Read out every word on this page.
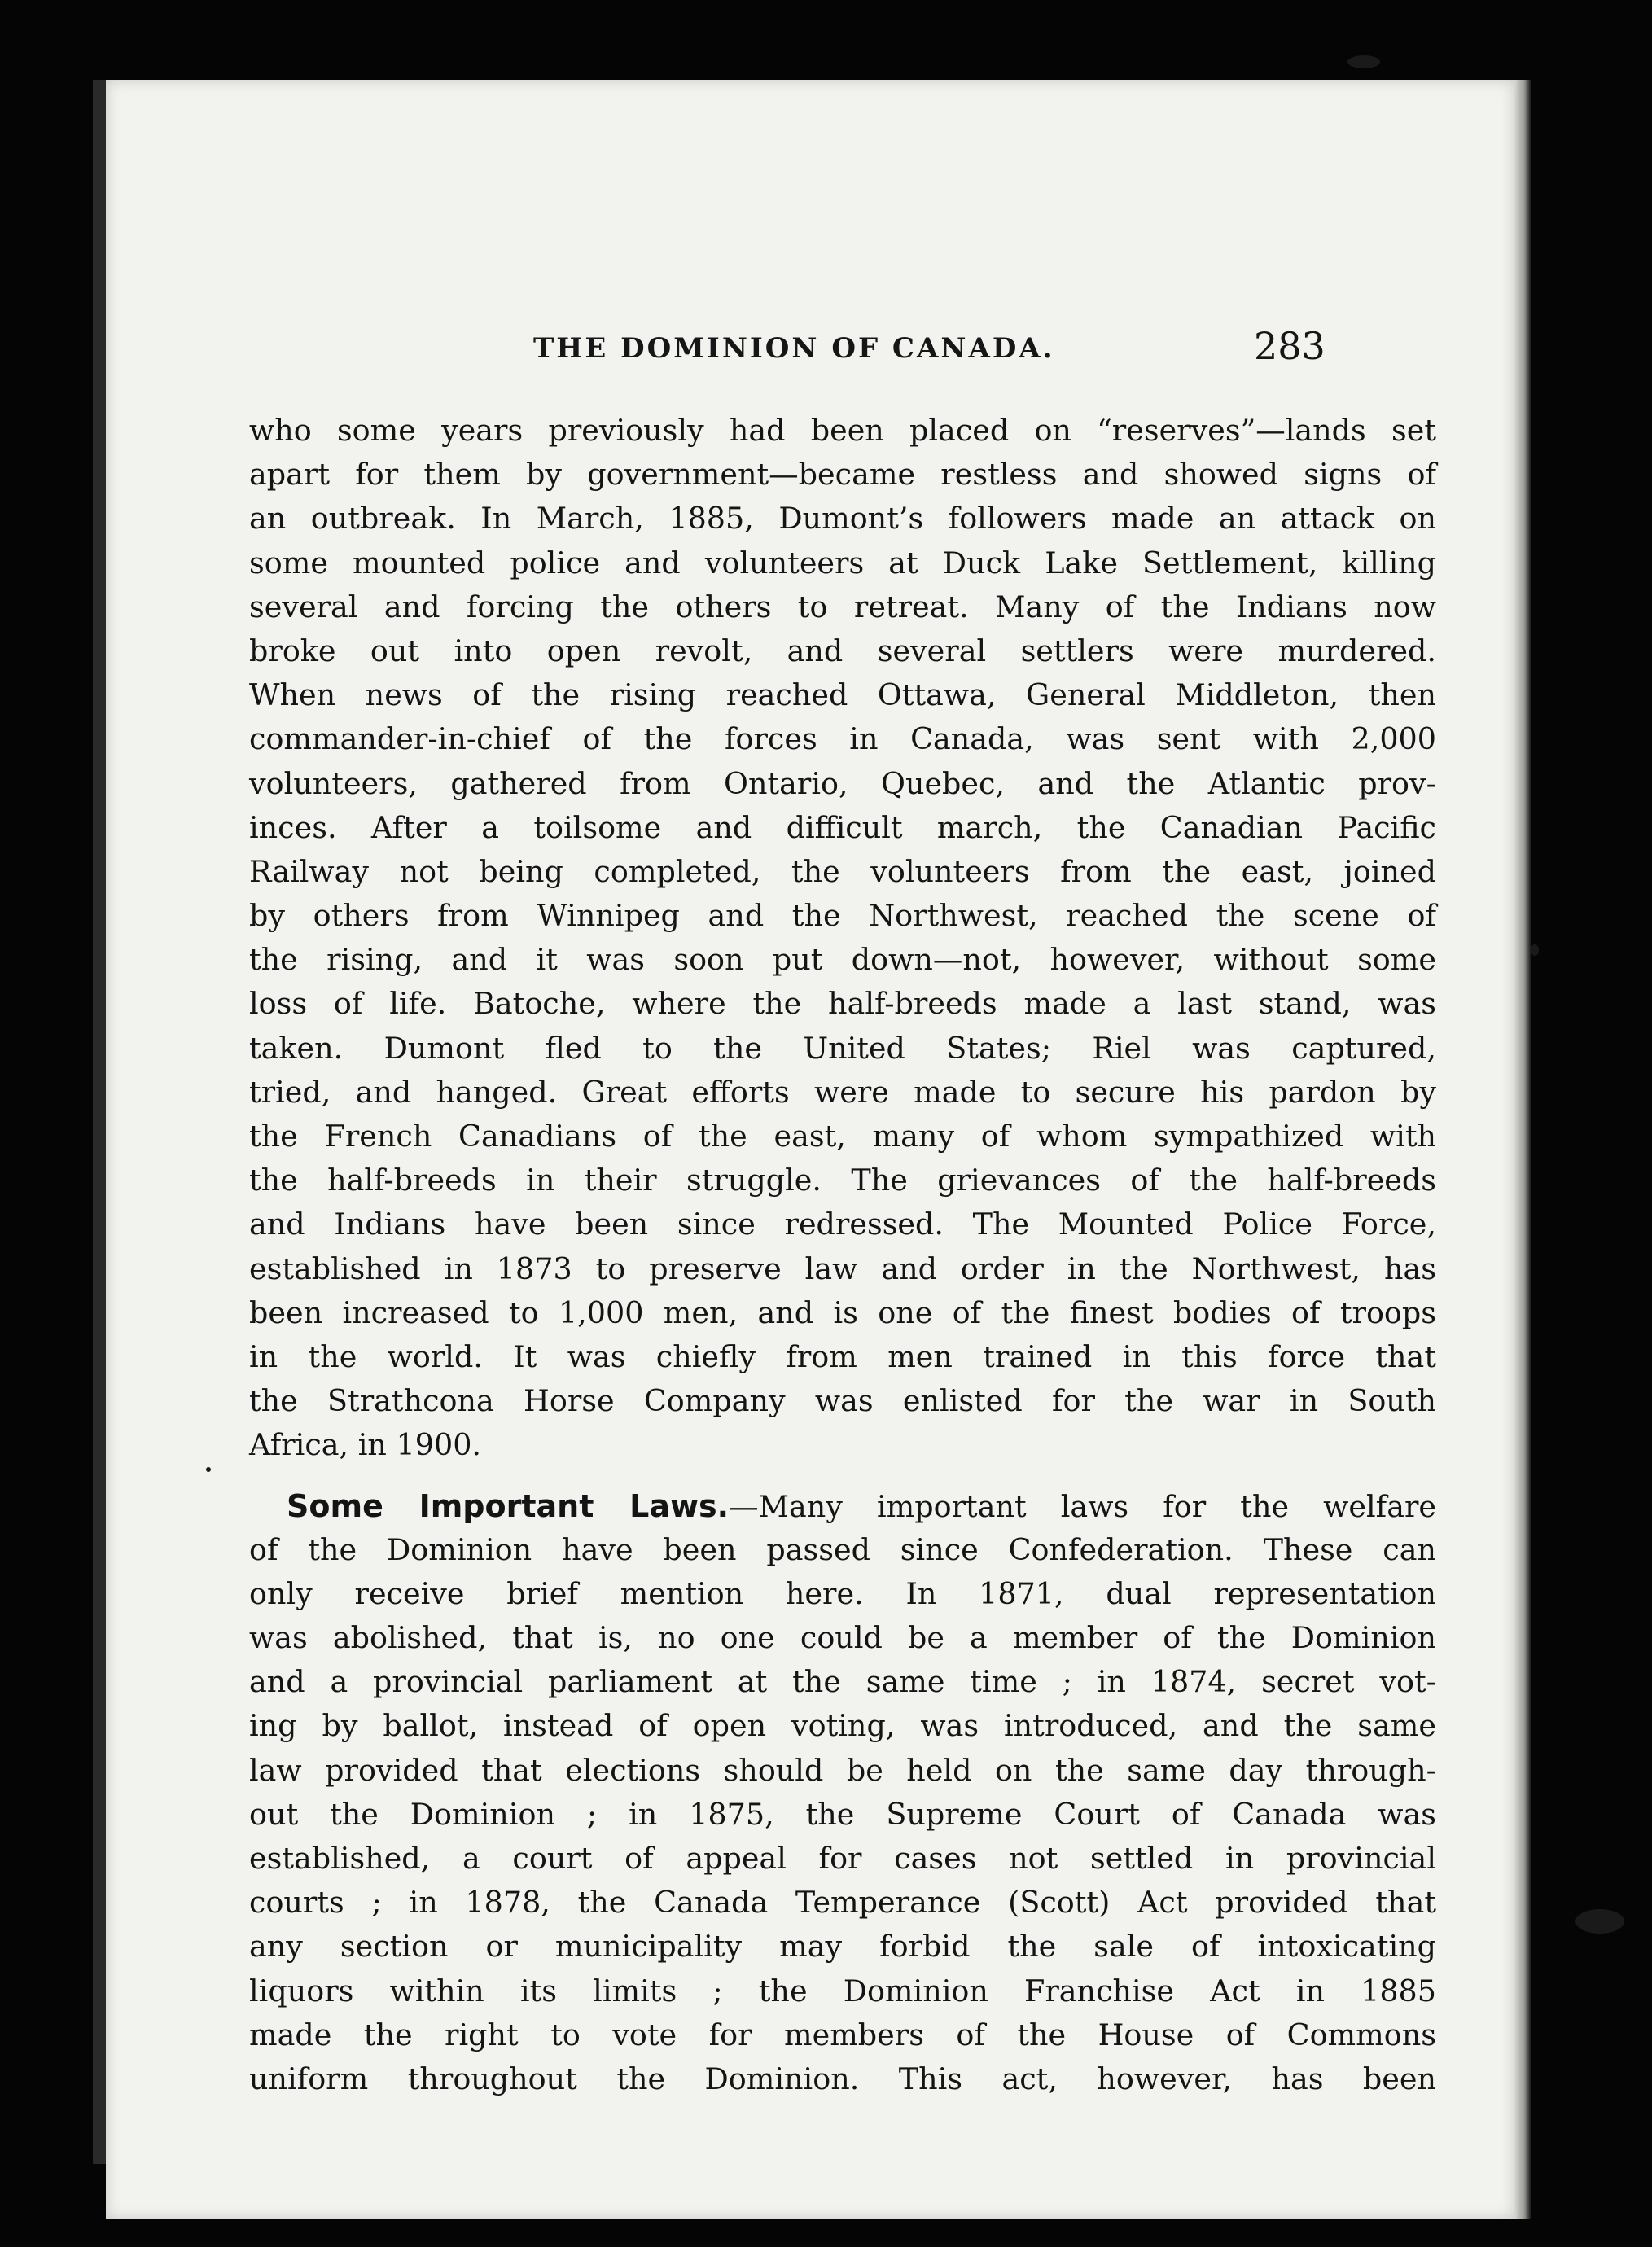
THE DOMINION OF CANADA.	283
who some years previously had been placed on “reserves”—lands set
apart for them by government—became restless and showed signs of
an outbreak. In March, 1885, Dumont’s followers made an attack on
some mounted police and volunteers at Duck Lake Settlement, killing
several and forcing the others to retreat. Many of the Indians now
broke out into open revolt, and several settlers were murdered.
When news of the rising reached Ottawa, General Middleton, then
commander-in-chief of the forces in Canada, was sent with 2,000
volunteers, gathered from Ontario, Quebec, and the Atlantic prov-
inces. After a toilsome and difficult march, the Canadian Pacific
Railway not being completed, the volunteers from the east, joined
by others from Winnipeg and the Northwest, reached the scene of
the rising, and it was soon put down—not, however, without some
loss of life. Batoche, where the half-breeds made a last stand, was
taken. Dumont fled to the United States; Riel was captured,
tried, and hanged. Great efforts were made to secure his pardon by
the French Canadians of the east, many of whom sympathized with
the half-breeds in their struggle. The grievances of the half-breeds
and Indians have been since redressed. The Mounted Police Force,
established in 1873 to preserve law and order in the Northwest, has
been increased to 1,000 men, and is one of the finest bodies of troops
in the world. It was chiefly from men trained in this force that
the Strathcona Horse Company was enlisted for the war in South
Africa, in 1900.
Some Important Laws.—Many important laws for the welfare
of the Dominion have been passed since Confederation. These can
only receive brief mention here. In 1871, dual representation
was abolished, that is, no one could be a member of the Dominion
and a provincial parliament at the same time ; in 1874, secret vot-
ing by ballot, instead of open voting, was introduced, and the same
law provided that elections should be held on the same day through-
out the Dominion ; in 1875, the Supreme Court of Canada was
established, a court of appeal for cases not settled in provincial
courts ; in 1878, the Canada Temperance (Scott) Act provided that
any section or municipality may forbid the sale of intoxicating
liquors within its limits ; the Dominion Franchise Act in 1885
made the right to vote for members of the House of Commons
uniform throughout the Dominion. This act, however, has been
